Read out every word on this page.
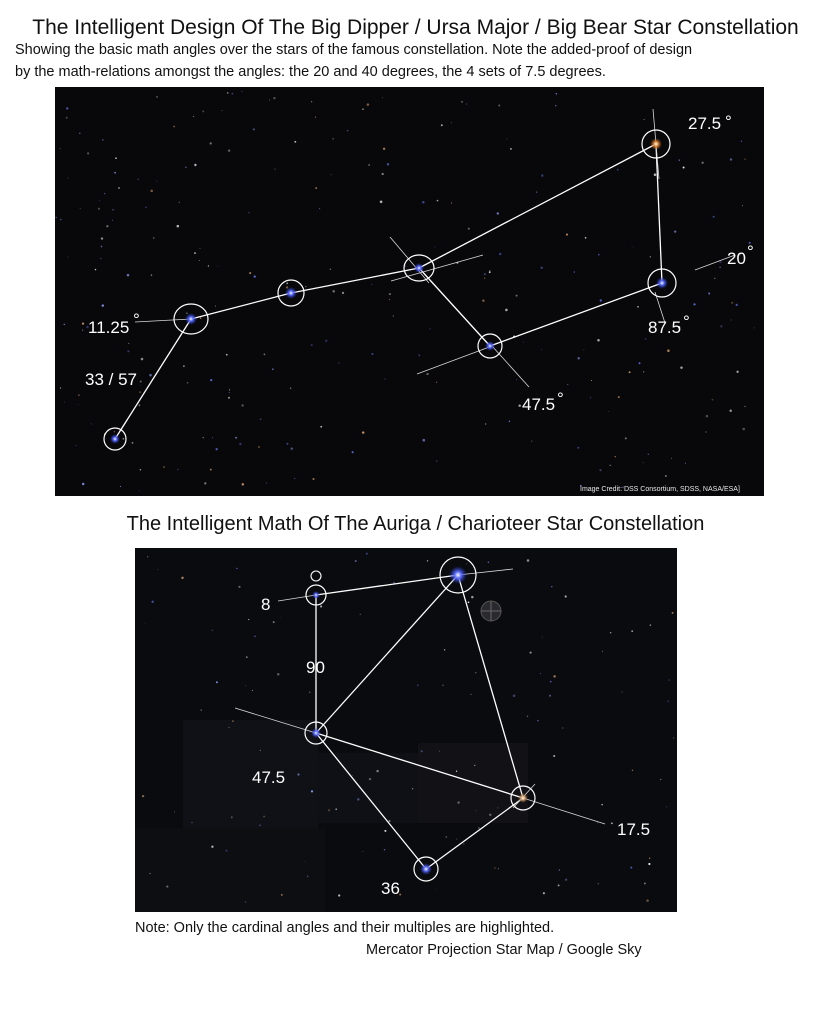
The Intelligent Design Of The Big Dipper / Ursa Major / Big Bear Star Constellation
Showing the basic math angles over the stars of the famous constellation. Note the added-proof of design
by the math-relations amongst the angles: the 20 and 40 degrees, the 4 sets of 7.5 degrees.
27.5 °
20 °
11.25 °	87.5 °
33 / 57
47.5 °
Image Credit: DSS Consortium, SDSS, NASA/ESA]
The Intelligent Math Of The Auriga / Charioteer Star Constellation
8
90
47.5
17.5
36
Note: Only the cardinal angles and their multiples are highlighted.
Mercator Projection Star Map / Google Sky
